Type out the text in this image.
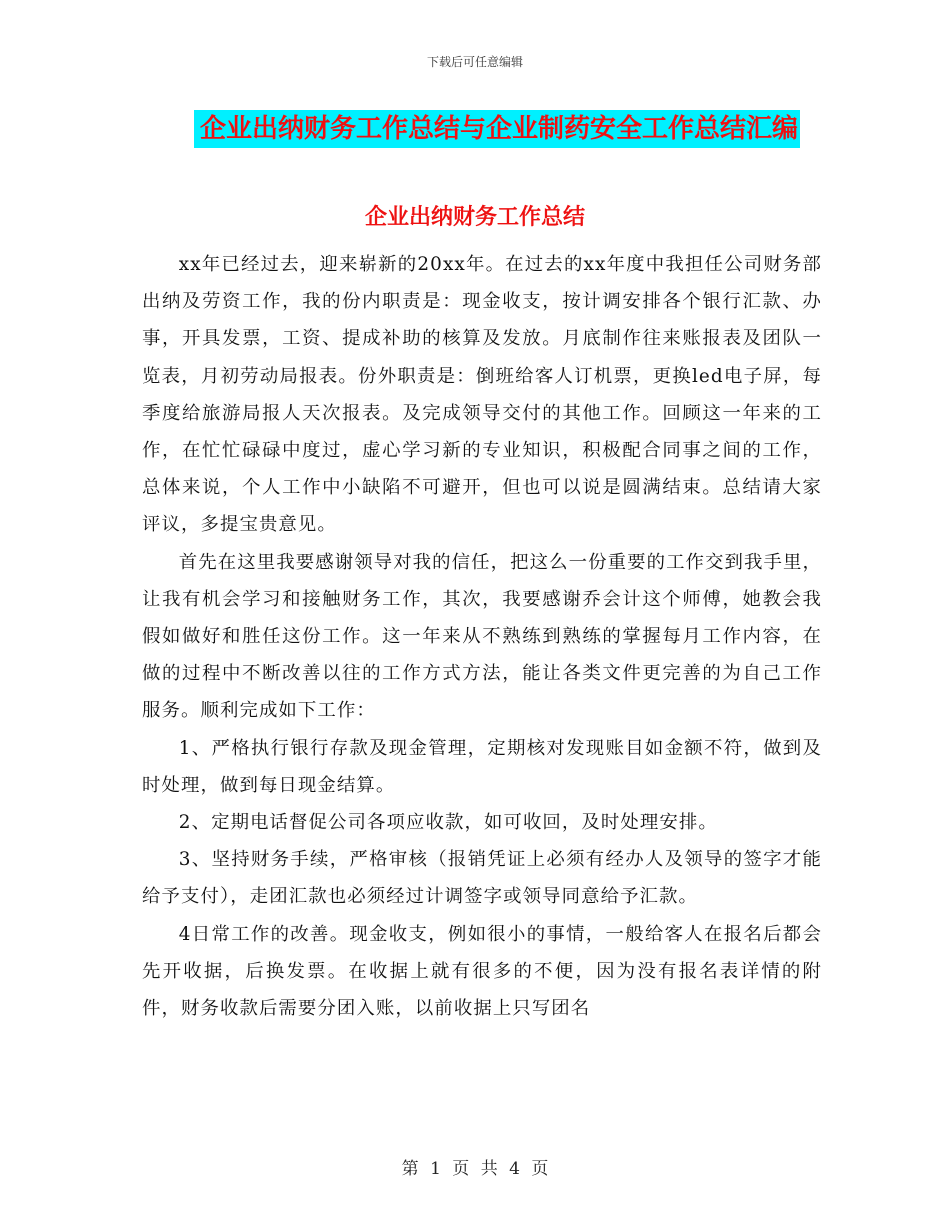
下载后可任意编辑
企业出纳财务工作总结与企业制药安全工作总结汇编
企业出纳财务工作总结

xx年已经过去，迎来崭新的20xx年。在过去的xx年度中我担任公司财务部出纳及劳资工作，我的份内职责是：现金收支，按计调安排各个银行汇款、办事，开具发票，工资、提成补助的核算及发放。月底制作往来账报表及团队一览表，月初劳动局报表。份外职责是：倒班给客人订机票，更换led电子屏，每季度给旅游局报人天次报表。及完成领导交付的其他工作。回顾这一年来的工作，在忙忙碌碌中度过，虚心学习新的专业知识，积极配合同事之间的工作，总体来说，个人工作中小缺陷不可避开，但也可以说是圆满结束。总结请大家评议，多提宝贵意见。

首先在这里我要感谢领导对我的信任，把这么一份重要的工作交到我手里，让我有机会学习和接触财务工作，其次，我要感谢乔会计这个师傅，她教会我假如做好和胜任这份工作。这一年来从不熟练到熟练的掌握每月工作内容，在做的过程中不断改善以往的工作方式方法，能让各类文件更完善的为自己工作服务。顺利完成如下工作：

1、严格执行银行存款及现金管理，定期核对发现账目如金额不符，做到及时处理，做到每日现金结算。

2、定期电话督促公司各项应收款，如可收回，及时处理安排。

3、坚持财务手续，严格审核（报销凭证上必须有经办人及领导的签字才能给予支付），走团汇款也必须经过计调签字或领导同意给予汇款。

4日常工作的改善。现金收支，例如很小的事情，一般给客人在报名后都会先开收据，后换发票。在收据上就有很多的不便，因为没有报名表详情的附件，财务收款后需要分团入账，以前收据上只写团名

第 1 页 共 4 页
